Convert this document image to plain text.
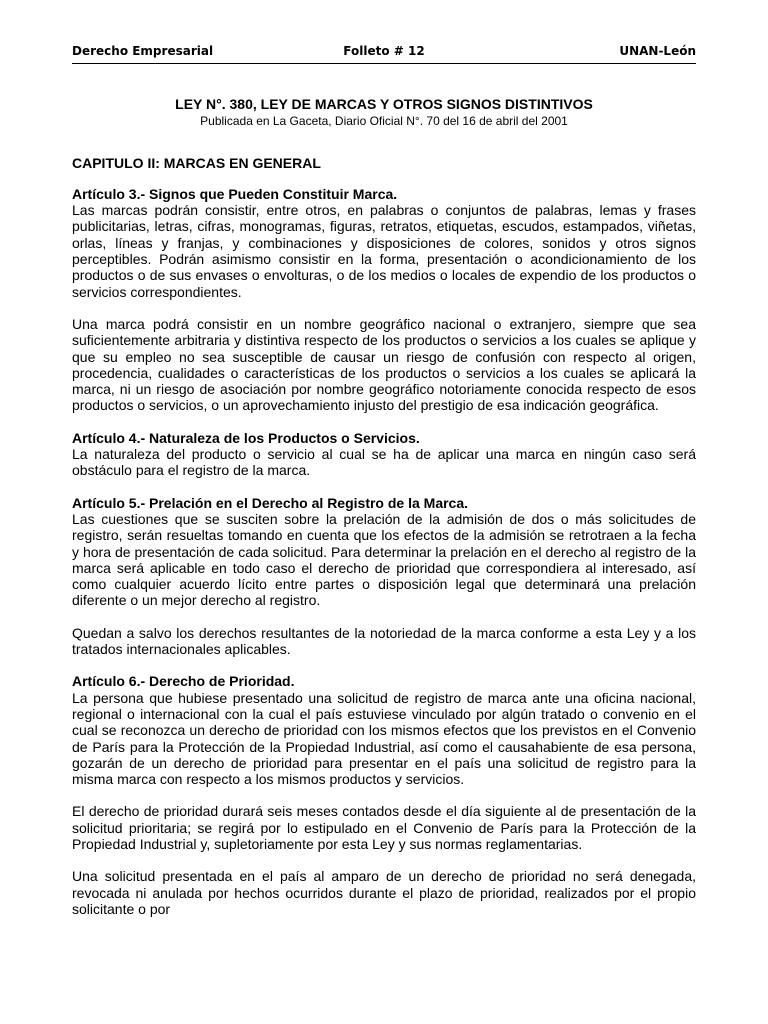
Derecho Empresarial	Folleto # 12	UNAN-León

LEY N°. 380, LEY DE MARCAS Y OTROS SIGNOS DISTINTIVOS

Publicada en La Gaceta, Diario Oficial N°. 70 del 16 de abril del 2001

CAPITULO II: MARCAS EN GENERAL

Artículo 3.- Signos que Pueden Constituir Marca.

Las marcas podrán consistir, entre otros, en palabras o conjuntos de palabras, lemas y frases publicitarias, letras, cifras, monogramas, figuras, retratos, etiquetas, escudos, estampados, viñetas, orlas, líneas y franjas, y combinaciones y disposiciones de colores, sonidos y otros signos perceptibles. Podrán asimismo consistir en la forma, presentación o acondicionamiento de los productos o de sus envases o envolturas, o de los medios o locales de expendio de los productos o servicios correspondientes.

Una marca podrá consistir en un nombre geográfico nacional o extranjero, siempre que sea suficientemente arbitraria y distintiva respecto de los productos o servicios a los cuales se aplique y que su empleo no sea susceptible de causar un riesgo de confusión con respecto al origen, procedencia, cualidades o características de los productos o servicios a los cuales se aplicará la marca, ni un riesgo de asociación por nombre geográfico notoriamente conocida respecto de esos productos o servicios, o un aprovechamiento injusto del prestigio de esa indicación geográfica.

Artículo 4.- Naturaleza de los Productos o Servicios.

La naturaleza del producto o servicio al cual se ha de aplicar una marca en ningún caso será obstáculo para el registro de la marca.

Artículo 5.- Prelación en el Derecho al Registro de la Marca.

Las cuestiones que se susciten sobre la prelación de la admisión de dos o más solicitudes de registro, serán resueltas tomando en cuenta que los efectos de la admisión se retrotraen a la fecha y hora de presentación de cada solicitud. Para determinar la prelación en el derecho al registro de la marca será aplicable en todo caso el derecho de prioridad que correspondiera al interesado, así como cualquier acuerdo lícito entre partes o disposición legal que determinará una prelación diferente o un mejor derecho al registro.

Quedan a salvo los derechos resultantes de la notoriedad de la marca conforme a esta Ley y a los tratados internacionales aplicables.

Artículo 6.- Derecho de Prioridad.

La persona que hubiese presentado una solicitud de registro de marca ante una oficina nacional, regional o internacional con la cual el país estuviese vinculado por algún tratado o convenio en el cual se reconozca un derecho de prioridad con los mismos efectos que los previstos en el Convenio de París para la Protección de la Propiedad Industrial, así como el causahabiente de esa persona, gozarán de un derecho de prioridad para presentar en el país una solicitud de registro para la misma marca con respecto a los mismos productos y servicios.

El derecho de prioridad durará seis meses contados desde el día siguiente al de presentación de la solicitud prioritaria; se regirá por lo estipulado en el Convenio de París para la Protección de la Propiedad Industrial y, supletoriamente por esta Ley y sus normas reglamentarias.

Una solicitud presentada en el país al amparo de un derecho de prioridad no será denegada, revocada ni anulada por hechos ocurridos durante el plazo de prioridad, realizados por el propio solicitante o por
